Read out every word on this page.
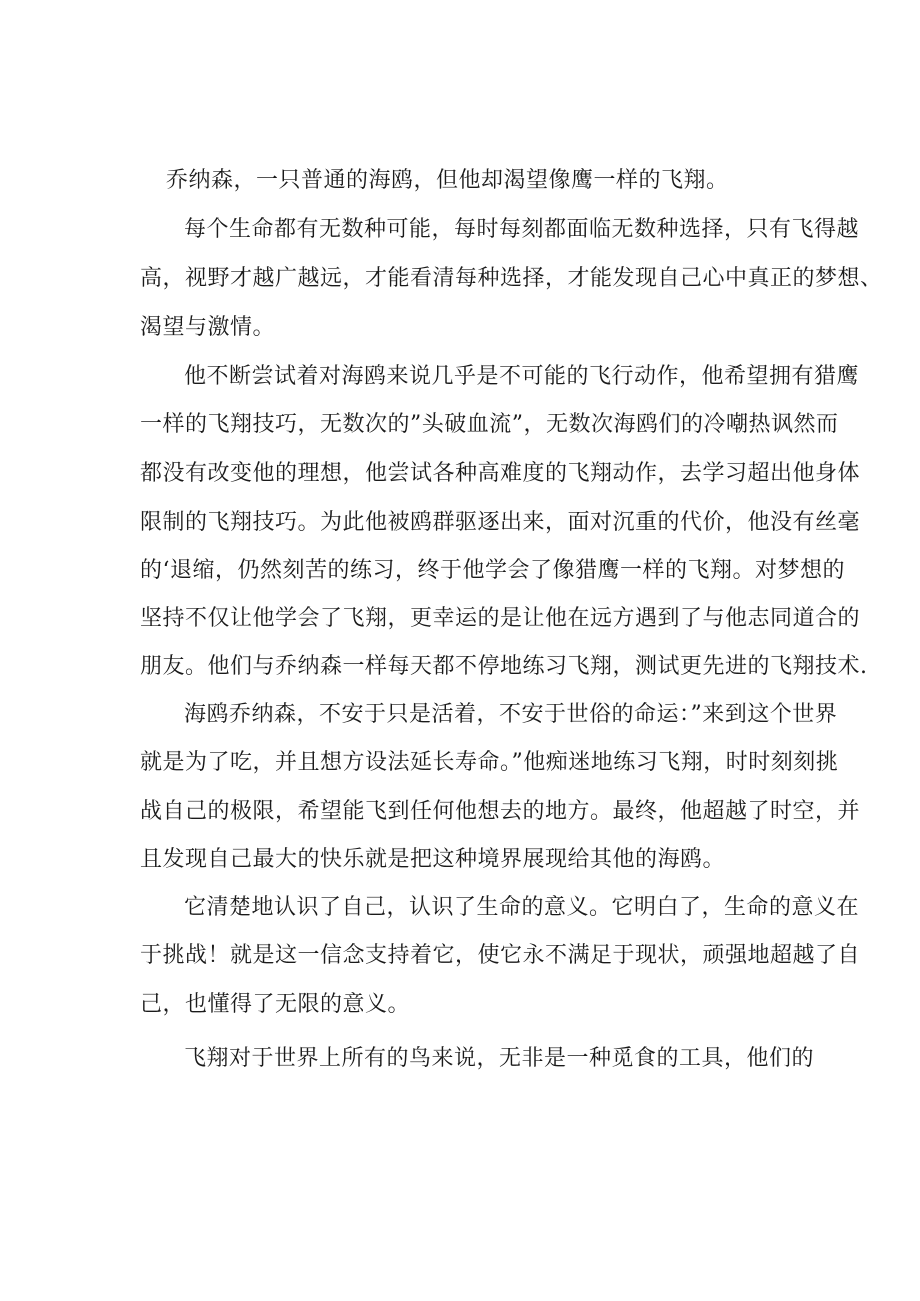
乔纳森，一只普通的海鸥，但他却渴望像鹰一样的飞翔。
每个生命都有无数种可能，每时每刻都面临无数种选择，只有飞得越
高，视野才越广越远，才能看清每种选择，才能发现自己心中真正的梦想、
渴望与激情。
他不断尝试着对海鸥来说几乎是不可能的飞行动作，他希望拥有猎鹰
一样的飞翔技巧，无数次的”头破血流”，无数次海鸥们的冷嘲热讽然而
都没有改变他的理想，他尝试各种高难度的飞翔动作，去学习超出他身体
限制的飞翔技巧。为此他被鸥群驱逐出来，面对沉重的代价，他没有丝毫
的‘退缩，仍然刻苦的练习，终于他学会了像猎鹰一样的飞翔。对梦想的
坚持不仅让他学会了飞翔，更幸运的是让他在远方遇到了与他志同道合的
朋友。他们与乔纳森一样每天都不停地练习飞翔，测试更先进的飞翔技术.
海鸥乔纳森，不安于只是活着，不安于世俗的命运：”来到这个世界
就是为了吃，并且想方设法延长寿命。”他痴迷地练习飞翔，时时刻刻挑
战自己的极限，希望能飞到任何他想去的地方。最终，他超越了时空，并
且发现自己最大的快乐就是把这种境界展现给其他的海鸥。
它清楚地认识了自己，认识了生命的意义。它明白了，生命的意义在
于挑战！就是这一信念支持着它，使它永不满足于现状，顽强地超越了自
己，也懂得了无限的意义。
飞翔对于世界上所有的鸟来说，无非是一种觅食的工具，他们的
